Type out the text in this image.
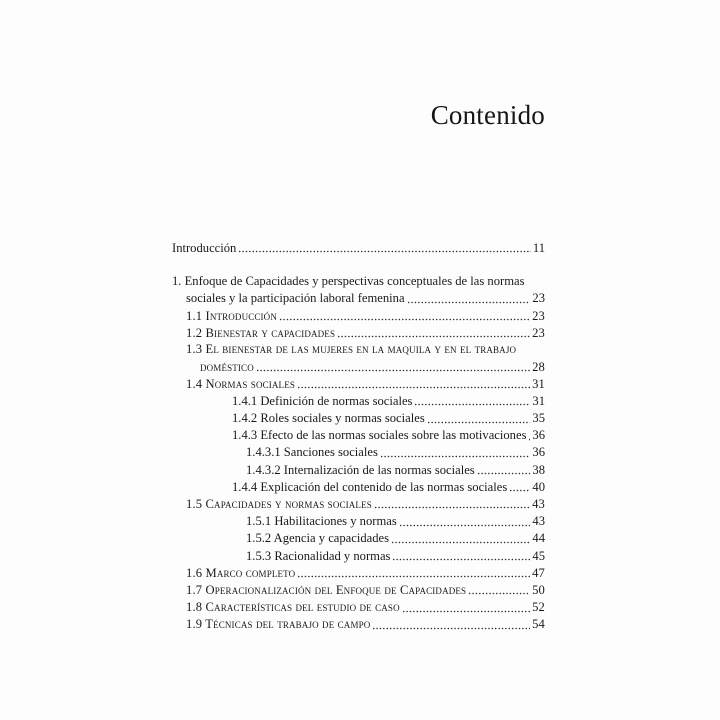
Contenido
Introducción	11
1. Enfoque de Capacidades y perspectivas conceptuales de las normas
sociales y la participación laboral femenina	23
1.1 Introducción	23
1.2 Bienestar y capacidades	23
1.3 El bienestar de las mujeres en la maquila y en el trabajo
doméstico	28
1.4 Normas sociales	31
1.4.1 Definición de normas sociales	31
1.4.2 Roles sociales y normas sociales	35
1.4.3 Efecto de las normas sociales sobre las motivaciones 36
1.4.3.1 Sanciones sociales	36
1.4.3.2 Internalización de las normas sociales	38
1.4.4 Explicación del contenido de las normas sociales 40
1.5 Capacidades y normas sociales	43
1.5.1 Habilitaciones y normas	43
1.5.2 Agencia y capacidades	44
1.5.3 Racionalidad y normas	45
1.6 Marco completo	47
1.7 Operacionalización del Enfoque de Capacidades	50
1.8 Características del estudio de caso	52
1.9 Técnicas del trabajo de campo	54
